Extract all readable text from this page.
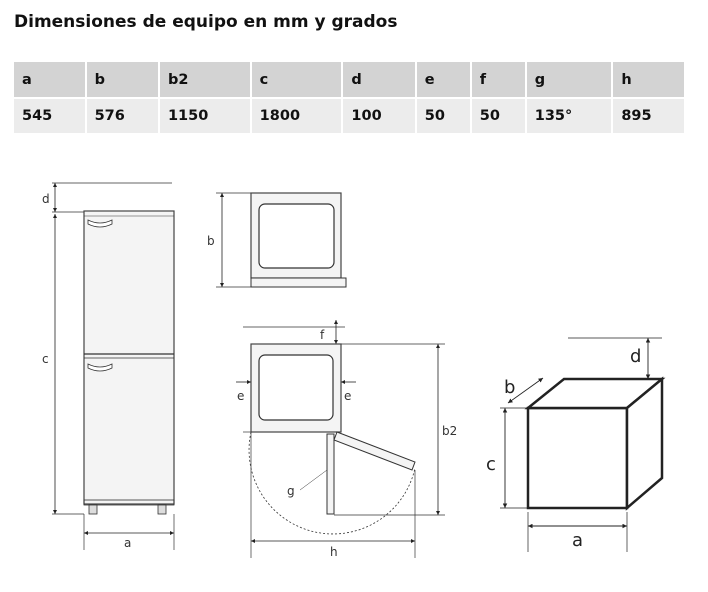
Dimensiones de equipo en mm y grados
a	b	b2	c	d	e	f	g	h
545	576	1150	1800	100	50	50	135°	895
d
c
a
b
f
e	e
b2
g
h
d
b
c
a
